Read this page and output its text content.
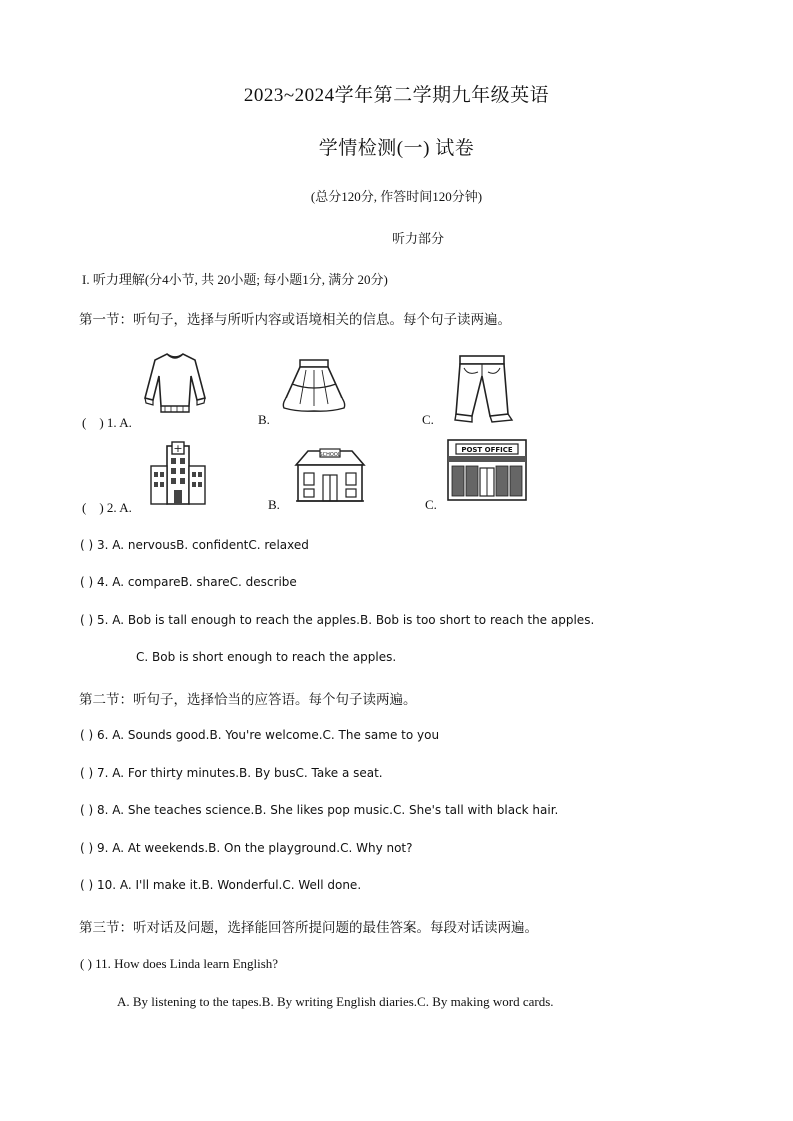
2023~2024学年第二学期九年级英语
学情检测(一) 试卷
(总分120分, 作答时间120分钟)
听力部分
I. 听力理解(分4小节, 共 20小题; 每小题1分, 满分 20分)
第一节：听句子，选择与所听内容或语境相关的信息。每个句子读两遍。
(　) 1. A.	B.	C.
(　) 2. A.
+
B.
SCHOOL
C.
POST OFFICE
( ) 3. A. nervousB. confidentC. relaxed
( ) 4. A. compareB. shareC. describe
( ) 5. A. Bob is tall enough to reach the apples.B. Bob is too short to reach the apples.
C. Bob is short enough to reach the apples.
第二节：听句子，选择恰当的应答语。每个句子读两遍。
( ) 6. A. Sounds good.B. You're welcome.C. The same to you
( ) 7. A. For thirty minutes.B. By busC. Take a seat.
( ) 8. A. She teaches science.B. She likes pop music.C. She's tall with black hair.
( ) 9. A. At weekends.B. On the playground.C. Why not?
( ) 10. A. I'll make it.B. Wonderful.C. Well done.
第三节：听对话及问题，选择能回答所提问题的最佳答案。每段对话读两遍。
( ) 11. How does Linda learn English?
A. By listening to the tapes.B. By writing English diaries.C. By making word cards.
